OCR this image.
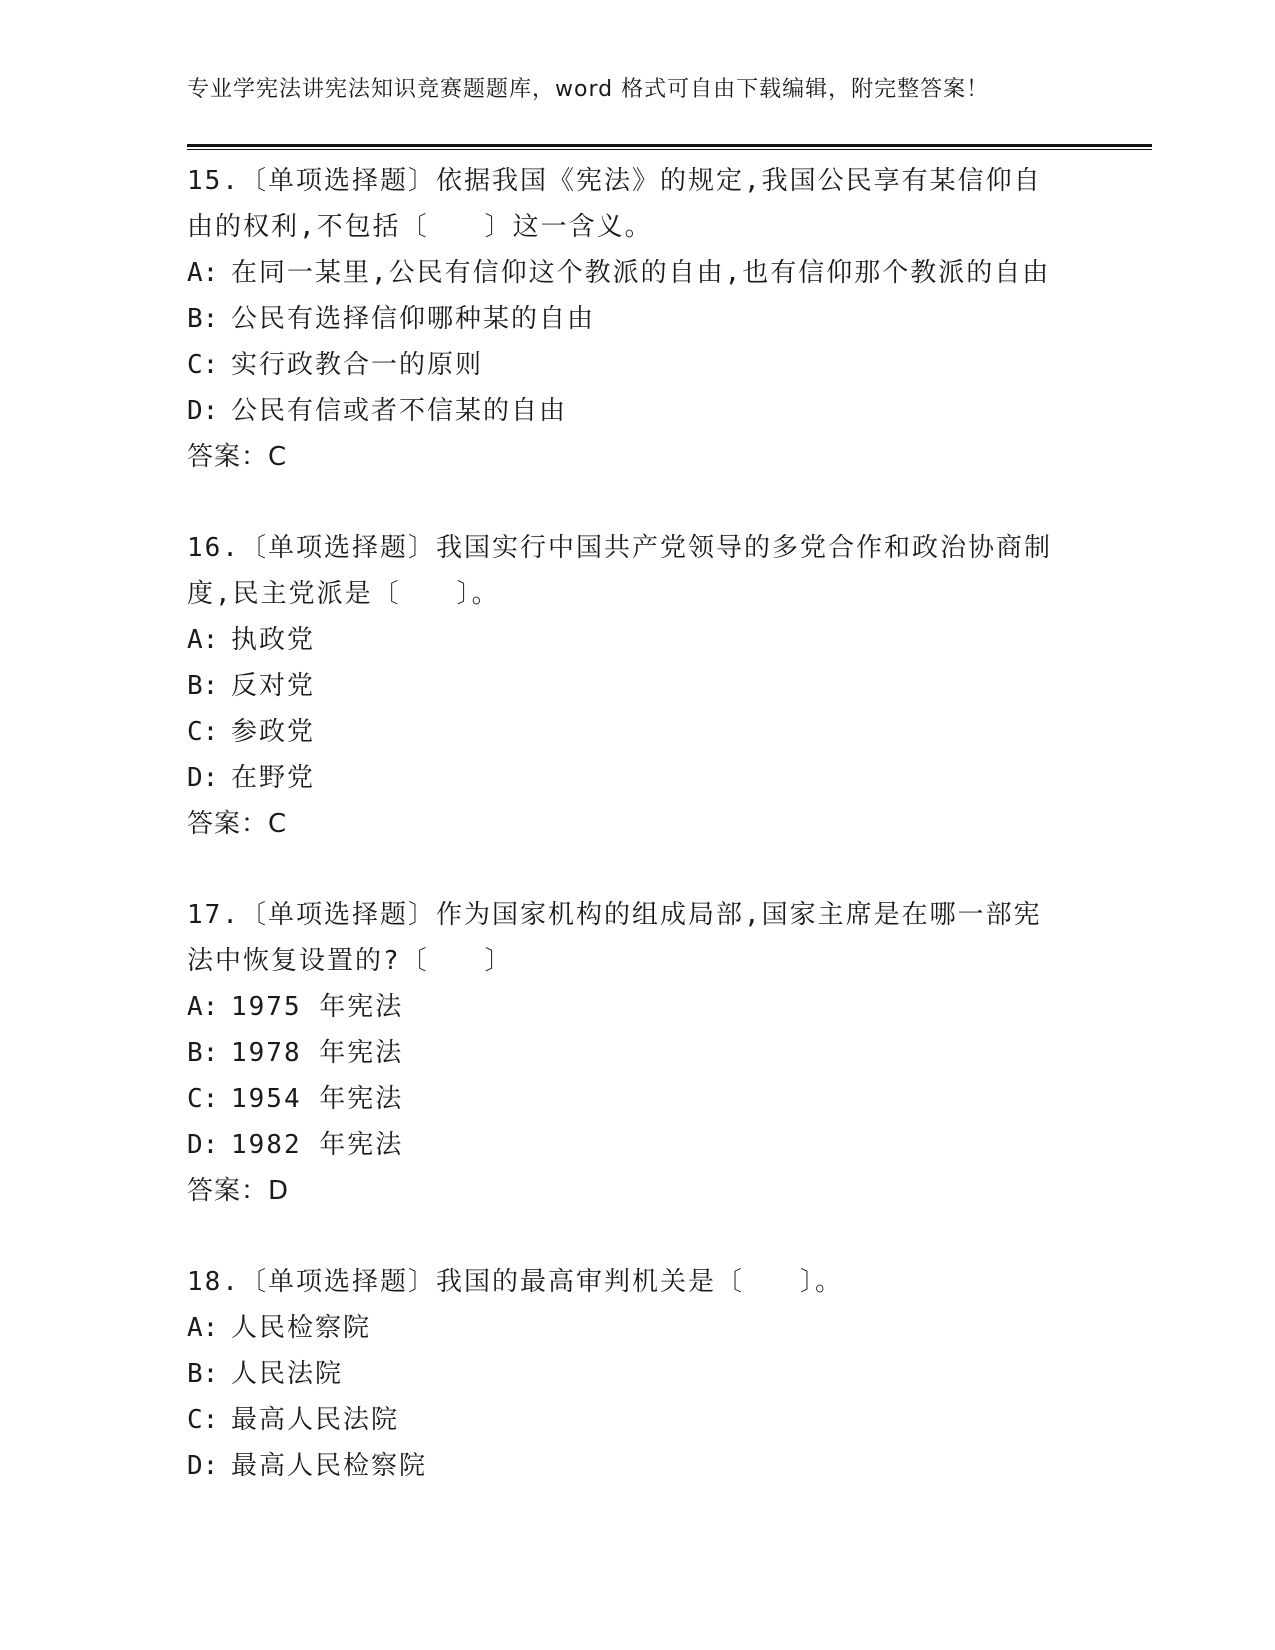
专业学宪法讲宪法知识竞赛题题库，word 格式可自由下载编辑，附完整答案！
15.〔单项选择题〕依据我国《宪法》的规定,我国公民享有某信仰自
由的权利,不包括〔　　〕这一含义。
A: 在同一某里,公民有信仰这个教派的自由,也有信仰那个教派的自由
B: 公民有选择信仰哪种某的自由
C: 实行政教合一的原则
D: 公民有信或者不信某的自由
答案：C
16.〔单项选择题〕我国实行中国共产党领导的多党合作和政治协商制
度,民主党派是〔　　〕。
A: 执政党
B: 反对党
C: 参政党
D: 在野党
答案：C
17.〔单项选择题〕作为国家机构的组成局部,国家主席是在哪一部宪
法中恢复设置的?〔　　〕
A: 1975 年宪法
B: 1978 年宪法
C: 1954 年宪法
D: 1982 年宪法
答案：D
18.〔单项选择题〕我国的最高审判机关是〔　　〕。
A: 人民检察院
B: 人民法院
C: 最高人民法院
D: 最高人民检察院
